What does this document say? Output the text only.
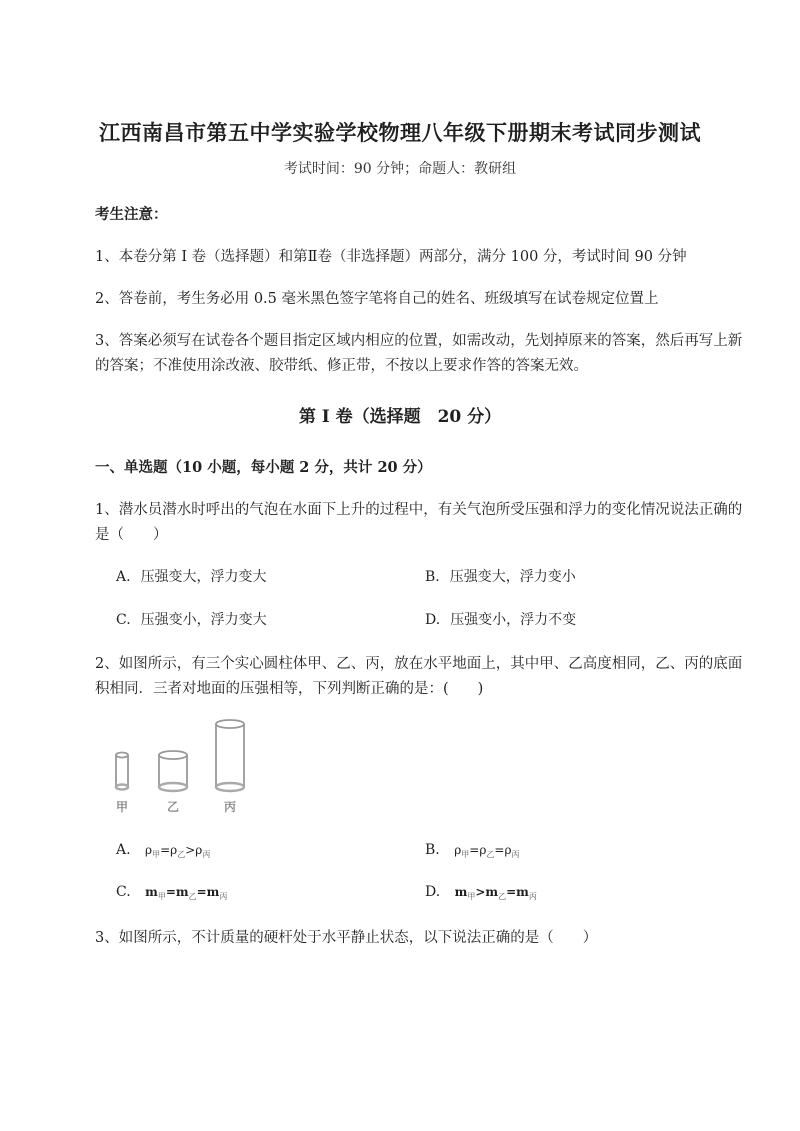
江西南昌市第五中学实验学校物理八年级下册期末考试同步测试
考试时间：90 分钟；命题人：教研组
考生注意：
1、本卷分第 I 卷（选择题）和第Ⅱ卷（非选择题）两部分，满分 100 分，考试时间 90 分钟
2、答卷前，考生务必用 0.5 毫米黑色签字笔将自己的姓名、班级填写在试卷规定位置上
3、答案必须写在试卷各个题目指定区域内相应的位置，如需改动，先划掉原来的答案，然后再写上新
的答案；不准使用涂改液、胶带纸、修正带，不按以上要求作答的答案无效。
第 I 卷（选择题　20 分）
一、单选题（10 小题，每小题 2 分，共计 20 分）
1、潜水员潜水时呼出的气泡在水面下上升的过程中，有关气泡所受压强和浮力的变化情况说法正确的
是（　　）
A. 压强变大，浮力变大	B. 压强变大，浮力变小
C. 压强变小，浮力变大	D. 压强变小，浮力不变
2、如图所示，有三个实心圆柱体甲、乙、丙，放在水平地面上，其中甲、乙高度相同，乙、丙的底面
积相同．三者对地面的压强相等，下列判断正确的是：(　　)
甲	乙	丙
A. $\rho_甲=\rho_乙>\rho_丙$	B. $\rho_甲=\rho_乙=\rho_丙$
C. $m_甲=m_乙=m_丙$	D. $m_甲>m_乙=m_丙$
3、如图所示，不计质量的硬杆处于水平静止状态，以下说法正确的是（　　）
